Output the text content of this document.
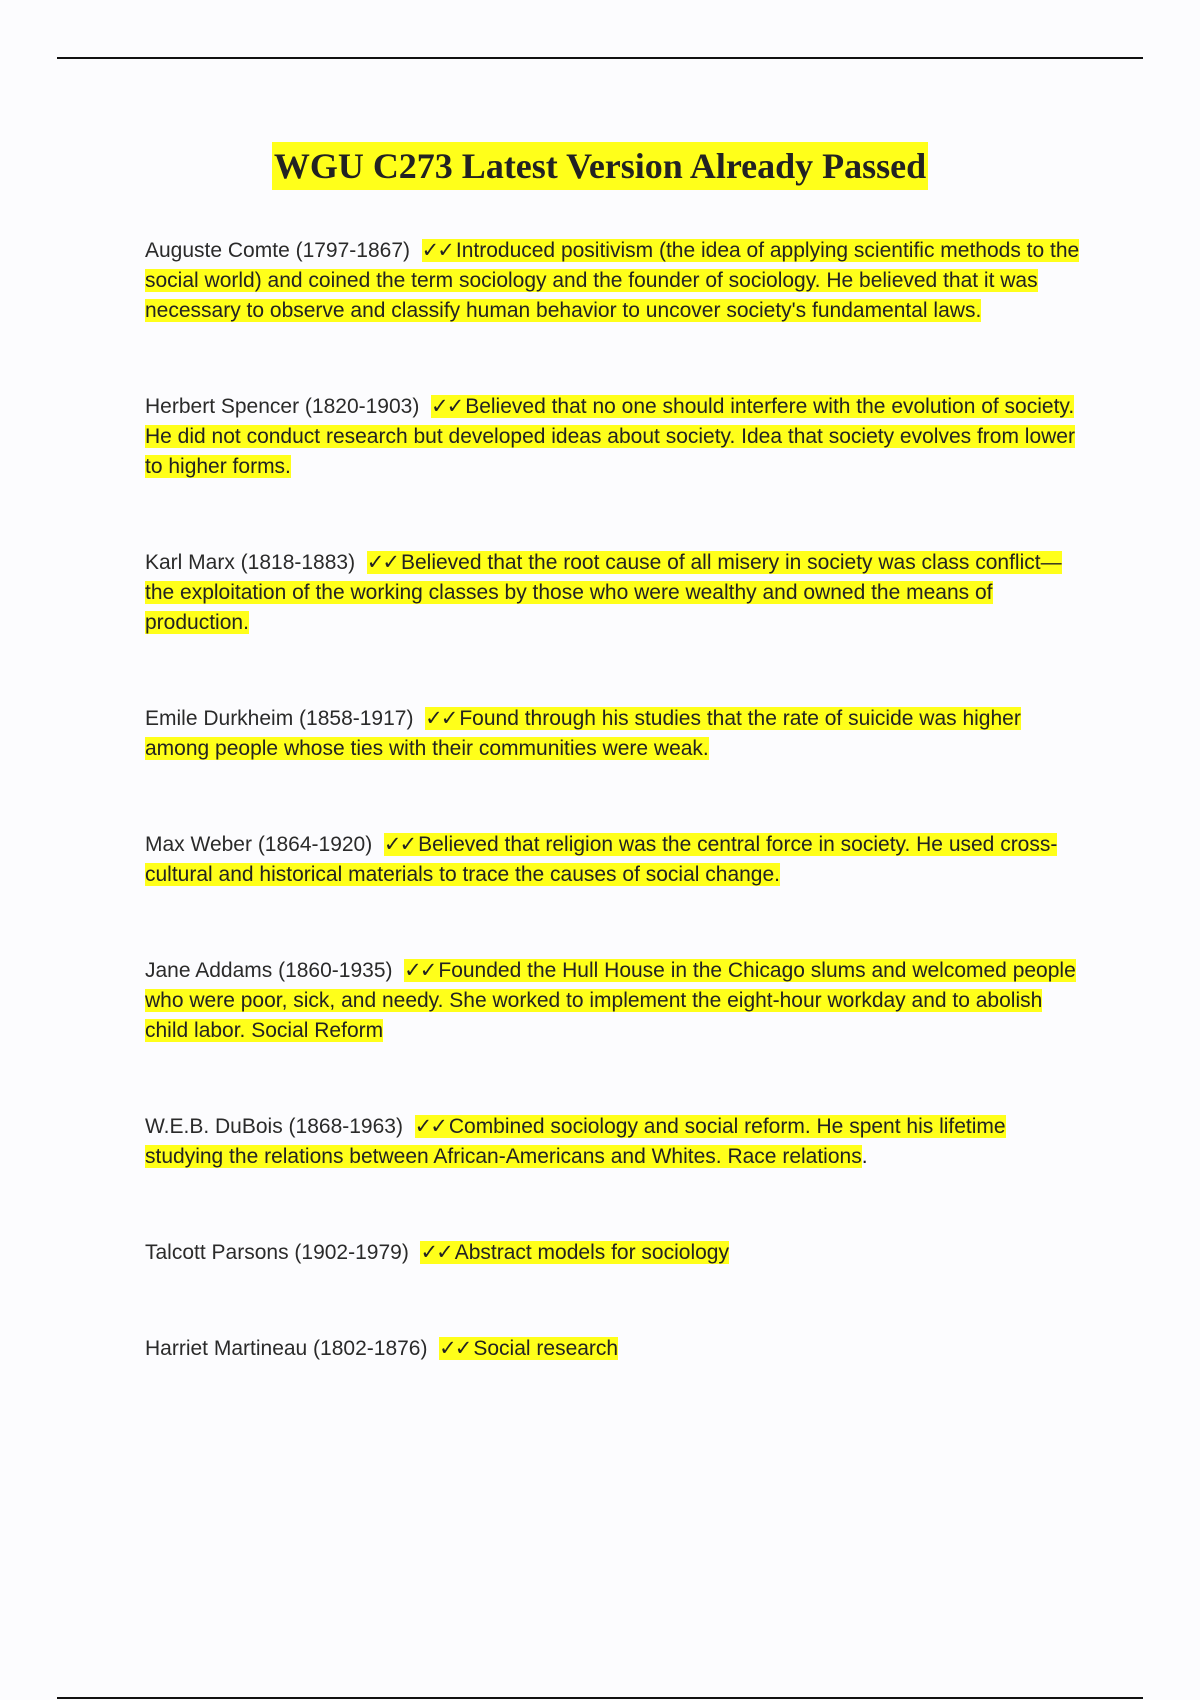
WGU C273 Latest Version Already Passed

Auguste Comte (1797-1867) ✓✓ Introduced positivism (the idea of applying scientific methods to the social world) and coined the term sociology and the founder of sociology. He believed that it was necessary to observe and classify human behavior to uncover society's fundamental laws.

Herbert Spencer (1820-1903) ✓✓ Believed that no one should interfere with the evolution of society. He did not conduct research but developed ideas about society. Idea that society evolves from lower to higher forms.

Karl Marx (1818-1883) ✓✓ Believed that the root cause of all misery in society was class conflict—the exploitation of the working classes by those who were wealthy and owned the means of production.

Emile Durkheim (1858-1917) ✓✓ Found through his studies that the rate of suicide was higher among people whose ties with their communities were weak.

Max Weber (1864-1920) ✓✓ Believed that religion was the central force in society. He used cross-cultural and historical materials to trace the causes of social change.

Jane Addams (1860-1935) ✓✓ Founded the Hull House in the Chicago slums and welcomed people who were poor, sick, and needy. She worked to implement the eight-hour workday and to abolish child labor. Social Reform

W.E.B. DuBois (1868-1963) ✓✓ Combined sociology and social reform. He spent his lifetime studying the relations between African-Americans and Whites. Race relations.

Talcott Parsons (1902-1979) ✓✓ Abstract models for sociology

Harriet Martineau (1802-1876) ✓✓ Social research
